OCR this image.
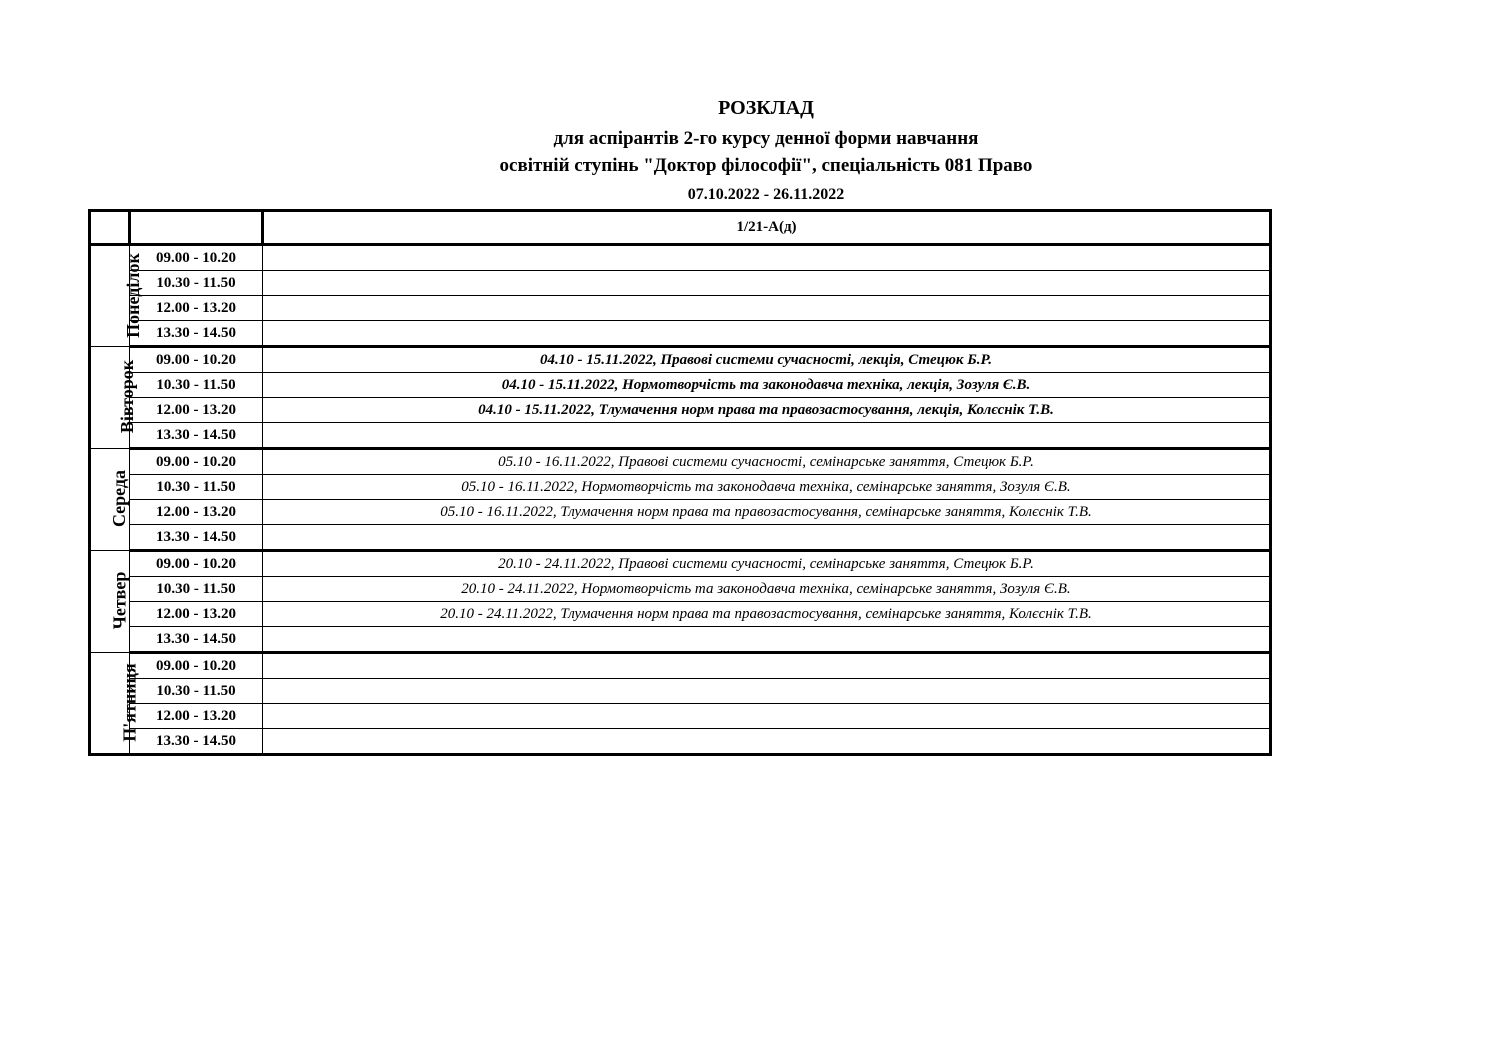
РОЗКЛАД
для аспірантів 2-го курсу денної форми навчання
освітній ступінь "Доктор філософії", спеціальність 081 Право
07.10.2022 - 26.11.2022
		1/21-А(д)
Понеділок	09.00 - 10.20	
	10.30 - 11.50	
	12.00 - 13.20	
	13.30 - 14.50	
Вівторок	09.00 - 10.20	04.10 - 15.11.2022, Правові системи сучасності, лекція, Стецюк Б.Р.
	10.30 - 11.50	04.10 - 15.11.2022, Нормотворчість та законодавча техніка, лекція, Зозуля Є.В.
	12.00 - 13.20	04.10 - 15.11.2022, Тлумачення норм права та правозастосування, лекція, Колєснік Т.В.
	13.30 - 14.50	
Середа	09.00 - 10.20	05.10 - 16.11.2022, Правові системи сучасності, семінарське заняття, Стецюк Б.Р.
	10.30 - 11.50	05.10 - 16.11.2022, Нормотворчість та законодавча техніка, семінарське заняття, Зозуля Є.В.
	12.00 - 13.20	05.10 - 16.11.2022, Тлумачення норм права та правозастосування, семінарське заняття, Колєснік Т.В.
	13.30 - 14.50	
Четвер	09.00 - 10.20	20.10 - 24.11.2022, Правові системи сучасності, семінарське заняття, Стецюк Б.Р.
	10.30 - 11.50	20.10 - 24.11.2022, Нормотворчість та законодавча техніка, семінарське заняття, Зозуля Є.В.
	12.00 - 13.20	20.10 - 24.11.2022, Тлумачення норм права та правозастосування, семінарське заняття, Колєснік Т.В.
	13.30 - 14.50	
П'ятниця	09.00 - 10.20	
	10.30 - 11.50	
	12.00 - 13.20	
	13.30 - 14.50	
